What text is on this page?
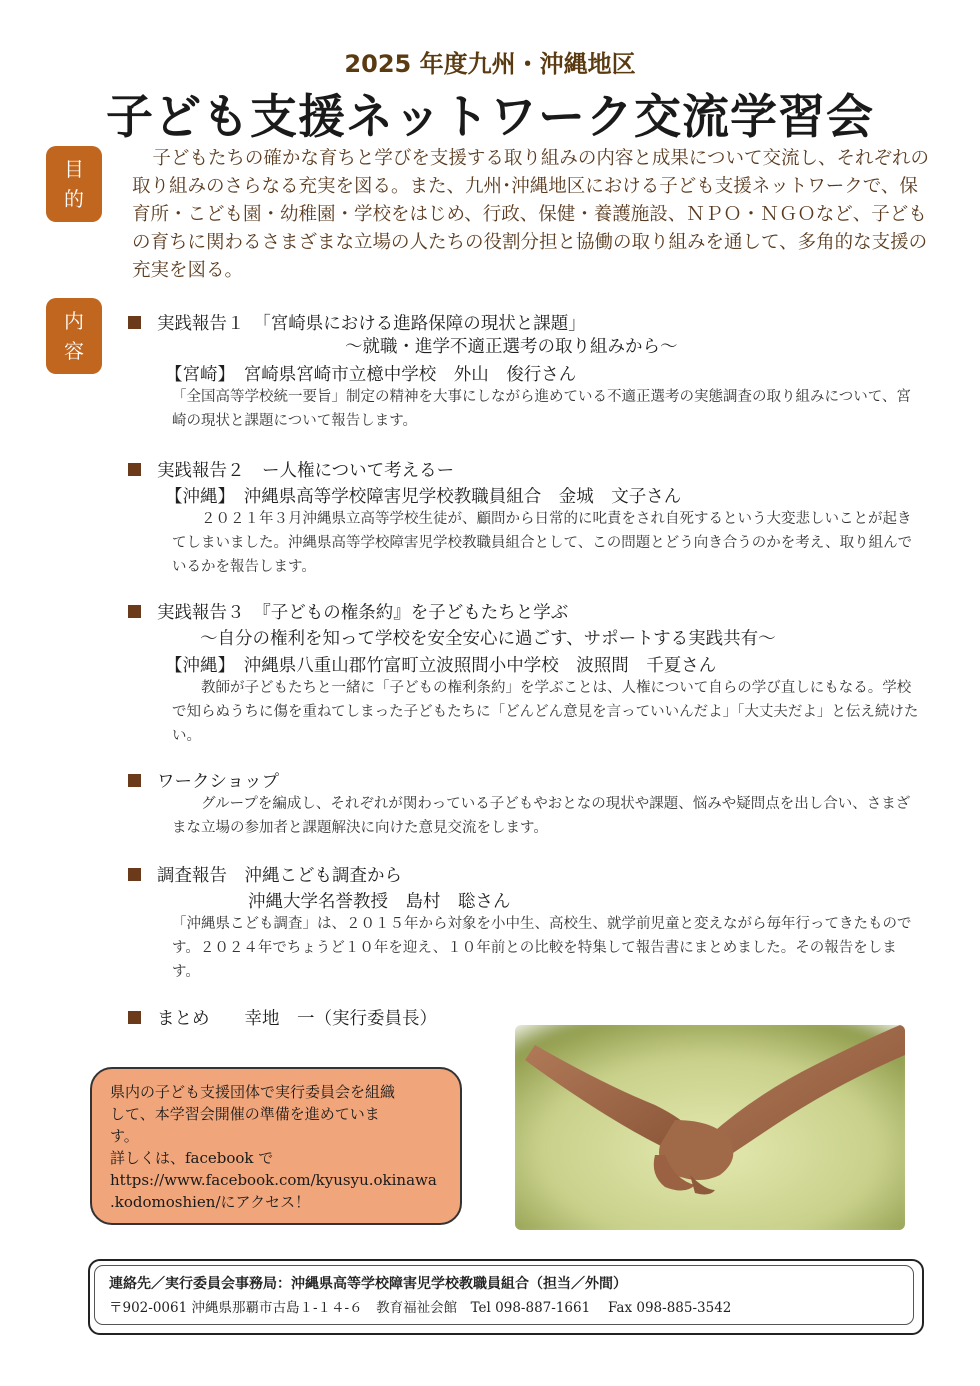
2025 年度九州・沖縄地区
子ども支援ネットワーク交流学習会
目
的

子どもたちの確かな育ちと学びを支援する取り組みの内容と成果について交流し、それぞれの取り組みのさらなる充実を図る。また、九州･沖縄地区における子ども支援ネットワークで、保育所・こども園・幼稚園・学校をはじめ、行政、保健・養護施設、ＮＰＯ・ＮＧＯなど、子どもの育ちに関わるさまざまな立場の人たちの役割分担と協働の取り組みを通して、多角的な支援の充実を図る。

内
容
実践報告１　「宮崎県における進路保障の現状と課題」
～就職・進学不適正選考の取り組みから～
【宮崎】　宮崎県宮崎市立檍中学校　外山　俊行さん
「全国高等学校統一要旨」制定の精神を大事にしながら進めている不適正選考の実態調査の取り組みについて、宮崎の現状と課題について報告します。
実践報告２　ー人権について考えるー
【沖縄】　沖縄県高等学校障害児学校教職員組合　金城　文子さん
２０２１年３月沖縄県立高等学校生徒が、顧問から日常的に叱責をされ自死するという大変悲しいことが起きてしまいました。沖縄県高等学校障害児学校教職員組合として、この問題とどう向き合うのかを考え、取り組んでいるかを報告します。
実践報告３　『子どもの権条約』を子どもたちと学ぶ
～自分の権利を知って学校を安全安心に過ごす、サポートする実践共有～
【沖縄】　沖縄県八重山郡竹富町立波照間小中学校　波照間　千夏さん
教師が子どもたちと一緒に「子どもの権利条約」を学ぶことは、人権について自らの学び直しにもなる。学校で知らぬうちに傷を重ねてしまった子どもたちに「どんどん意見を言っていいんだよ」「大丈夫だよ」と伝え続けたい。
ワークショップ
グループを編成し、それぞれが関わっている子どもやおとなの現状や課題、悩みや疑問点を出し合い、さまざまな立場の参加者と課題解決に向けた意見交流をします。
調査報告　沖縄こども調査から
沖縄大学名誉教授　島村　聡さん
「沖縄県こども調査」は、２０１５年から対象を小中生、高校生、就学前児童と変えながら毎年行ってきたものです。２０２４年でちょうど１０年を迎え、１０年前との比較を特集して報告書にまとめました。その報告をします。
まとめ　　幸地　一（実行委員長）
県内の子ども支援団体で実行委員会を組織
して、本学習会開催の準備を進めていま
す。
詳しくは、facebook で
https://www.facebook.com/kyusyu.okinawa
.kodomoshien/にアクセス！
連絡先／実行委員会事務局：沖縄県高等学校障害児学校教職員組合（担当／外間）
〒902-0061 沖縄県那覇市古島１-１４-６　教育福祉会館　Tel 098-887-1661　 Fax 098-885-3542
